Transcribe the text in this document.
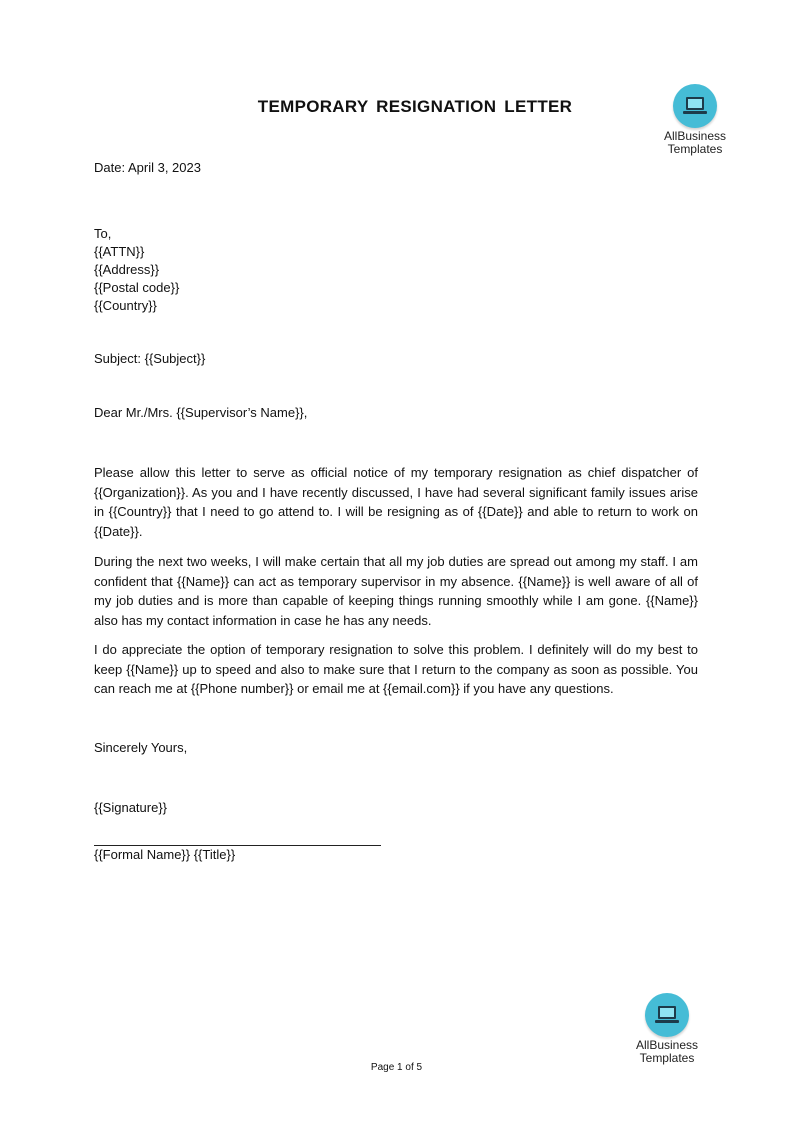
AllBusiness
Templates
TEMPORARY RESIGNATION LETTER
Date: April 3, 2023
To,
{{ATTN}}
{{Address}}
{{Postal code}}
{{Country}}
Subject: {{Subject}}
Dear Mr./Mrs. {{Supervisor’s Name}},
Please allow this letter to serve as official notice of my temporary resignation as chief dispatcher of {{Organization}}. As you and I have recently discussed, I have had several significant family issues arise in {{Country}} that I need to go attend to. I will be resigning as of {{Date}} and able to return to work on {{Date}}.
During the next two weeks, I will make certain that all my job duties are spread out among my staff. I am confident that {{Name}} can act as temporary supervisor in my absence. {{Name}} is well aware of all of my job duties and is more than capable of keeping things running smoothly while I am gone. {{Name}} also has my contact information in case he has any needs.
I do appreciate the option of temporary resignation to solve this problem. I definitely will do my best to keep {{Name}} up to speed and also to make sure that I return to the company as soon as possible. You can reach me at {{Phone number}} or email me at {{email.com}} if you have any questions.
Sincerely Yours,
{{Signature}}
{{Formal Name}} {{Title}}
AllBusiness
Templates
Page 1 of 5
